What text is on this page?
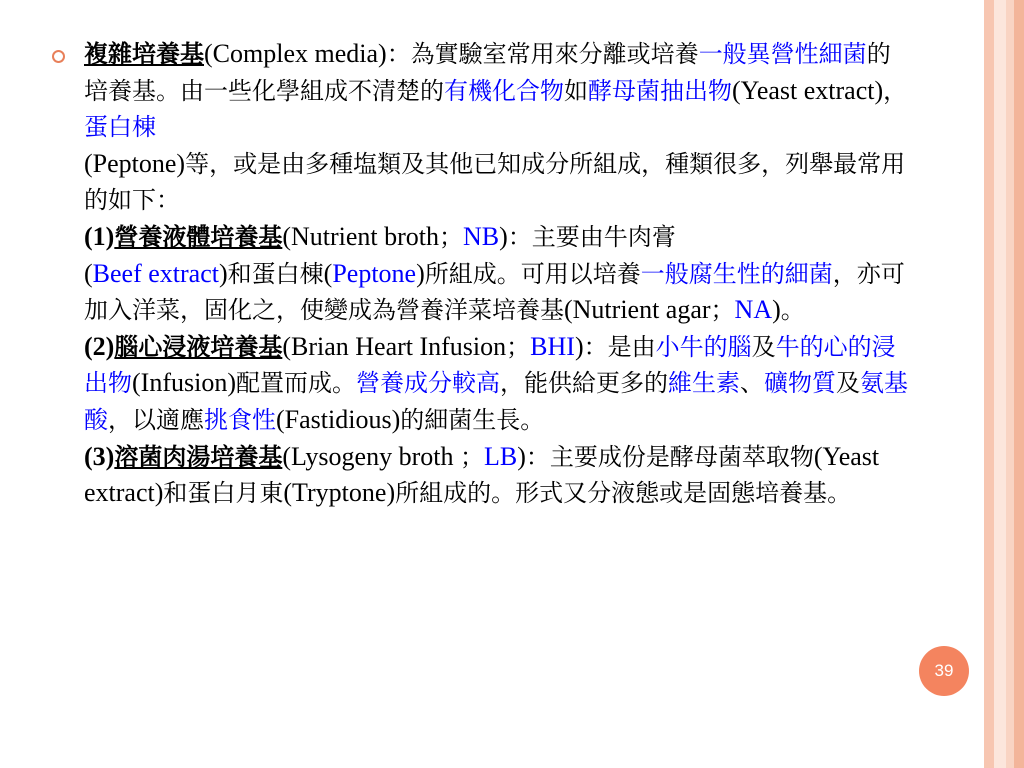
複雜培養基(Complex media)：為實驗室常用來分離或培養一般異營性細菌的培養基。由一些化學組成不清楚的有機化合物如酵母菌抽出物(Yeast extract)，蛋白棟
(Peptone)等，或是由多種塩類及其他已知成分所組成，種類很多，列舉最常用的如下：
(1)營養液體培養基(Nutrient broth；NB)：主要由牛肉膏
(Beef extract)和蛋白棟(Peptone)所組成。可用以培養一般腐生性的細菌，亦可加入洋菜，固化之，使變成為營養洋菜培養基(Nutrient agar；NA)。
(2)腦心浸液培養基(Brian Heart Infusion；BHI)：是由小牛的腦及牛的心的浸出物(Infusion)配置而成。營養成分較高，能供給更多的維生素、礦物質及氨基酸，以適應挑食性(Fastidious)的細菌生長。
(3)溶菌肉湯培養基(Lysogeny broth ；LB)：主要成份是酵母菌萃取物(Yeast extract)和蛋白月東(Tryptone)所組成的。形式又分液態或是固態培養基。
39
